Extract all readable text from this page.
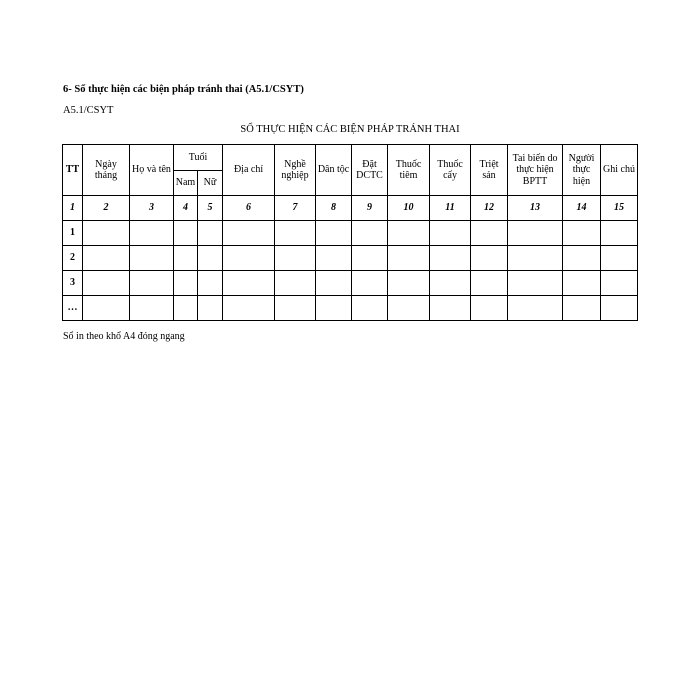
6- Sổ thực hiện các biện pháp tránh thai (A5.1/CSYT)
A5.1/CSYT
SỔ THỰC HIỆN CÁC BIỆN PHÁP TRÁNH THAI
TT	Ngày tháng	Họ và tên	Tuổi		Địa chỉ	Nghề nghiệp	Dân tộc	Đặt DCTC	Thuốc tiêm	Thuốc cấy	Triệt sản	Tai biến do thực hiện BPTT	Người thực hiện	Ghi chú
			Nam	Nữ										
1	2	3	4	5	6	7	8	9	10	11	12	13	14	15
1														
2														
3														
…														
Sổ in theo khổ A4 đóng ngang
